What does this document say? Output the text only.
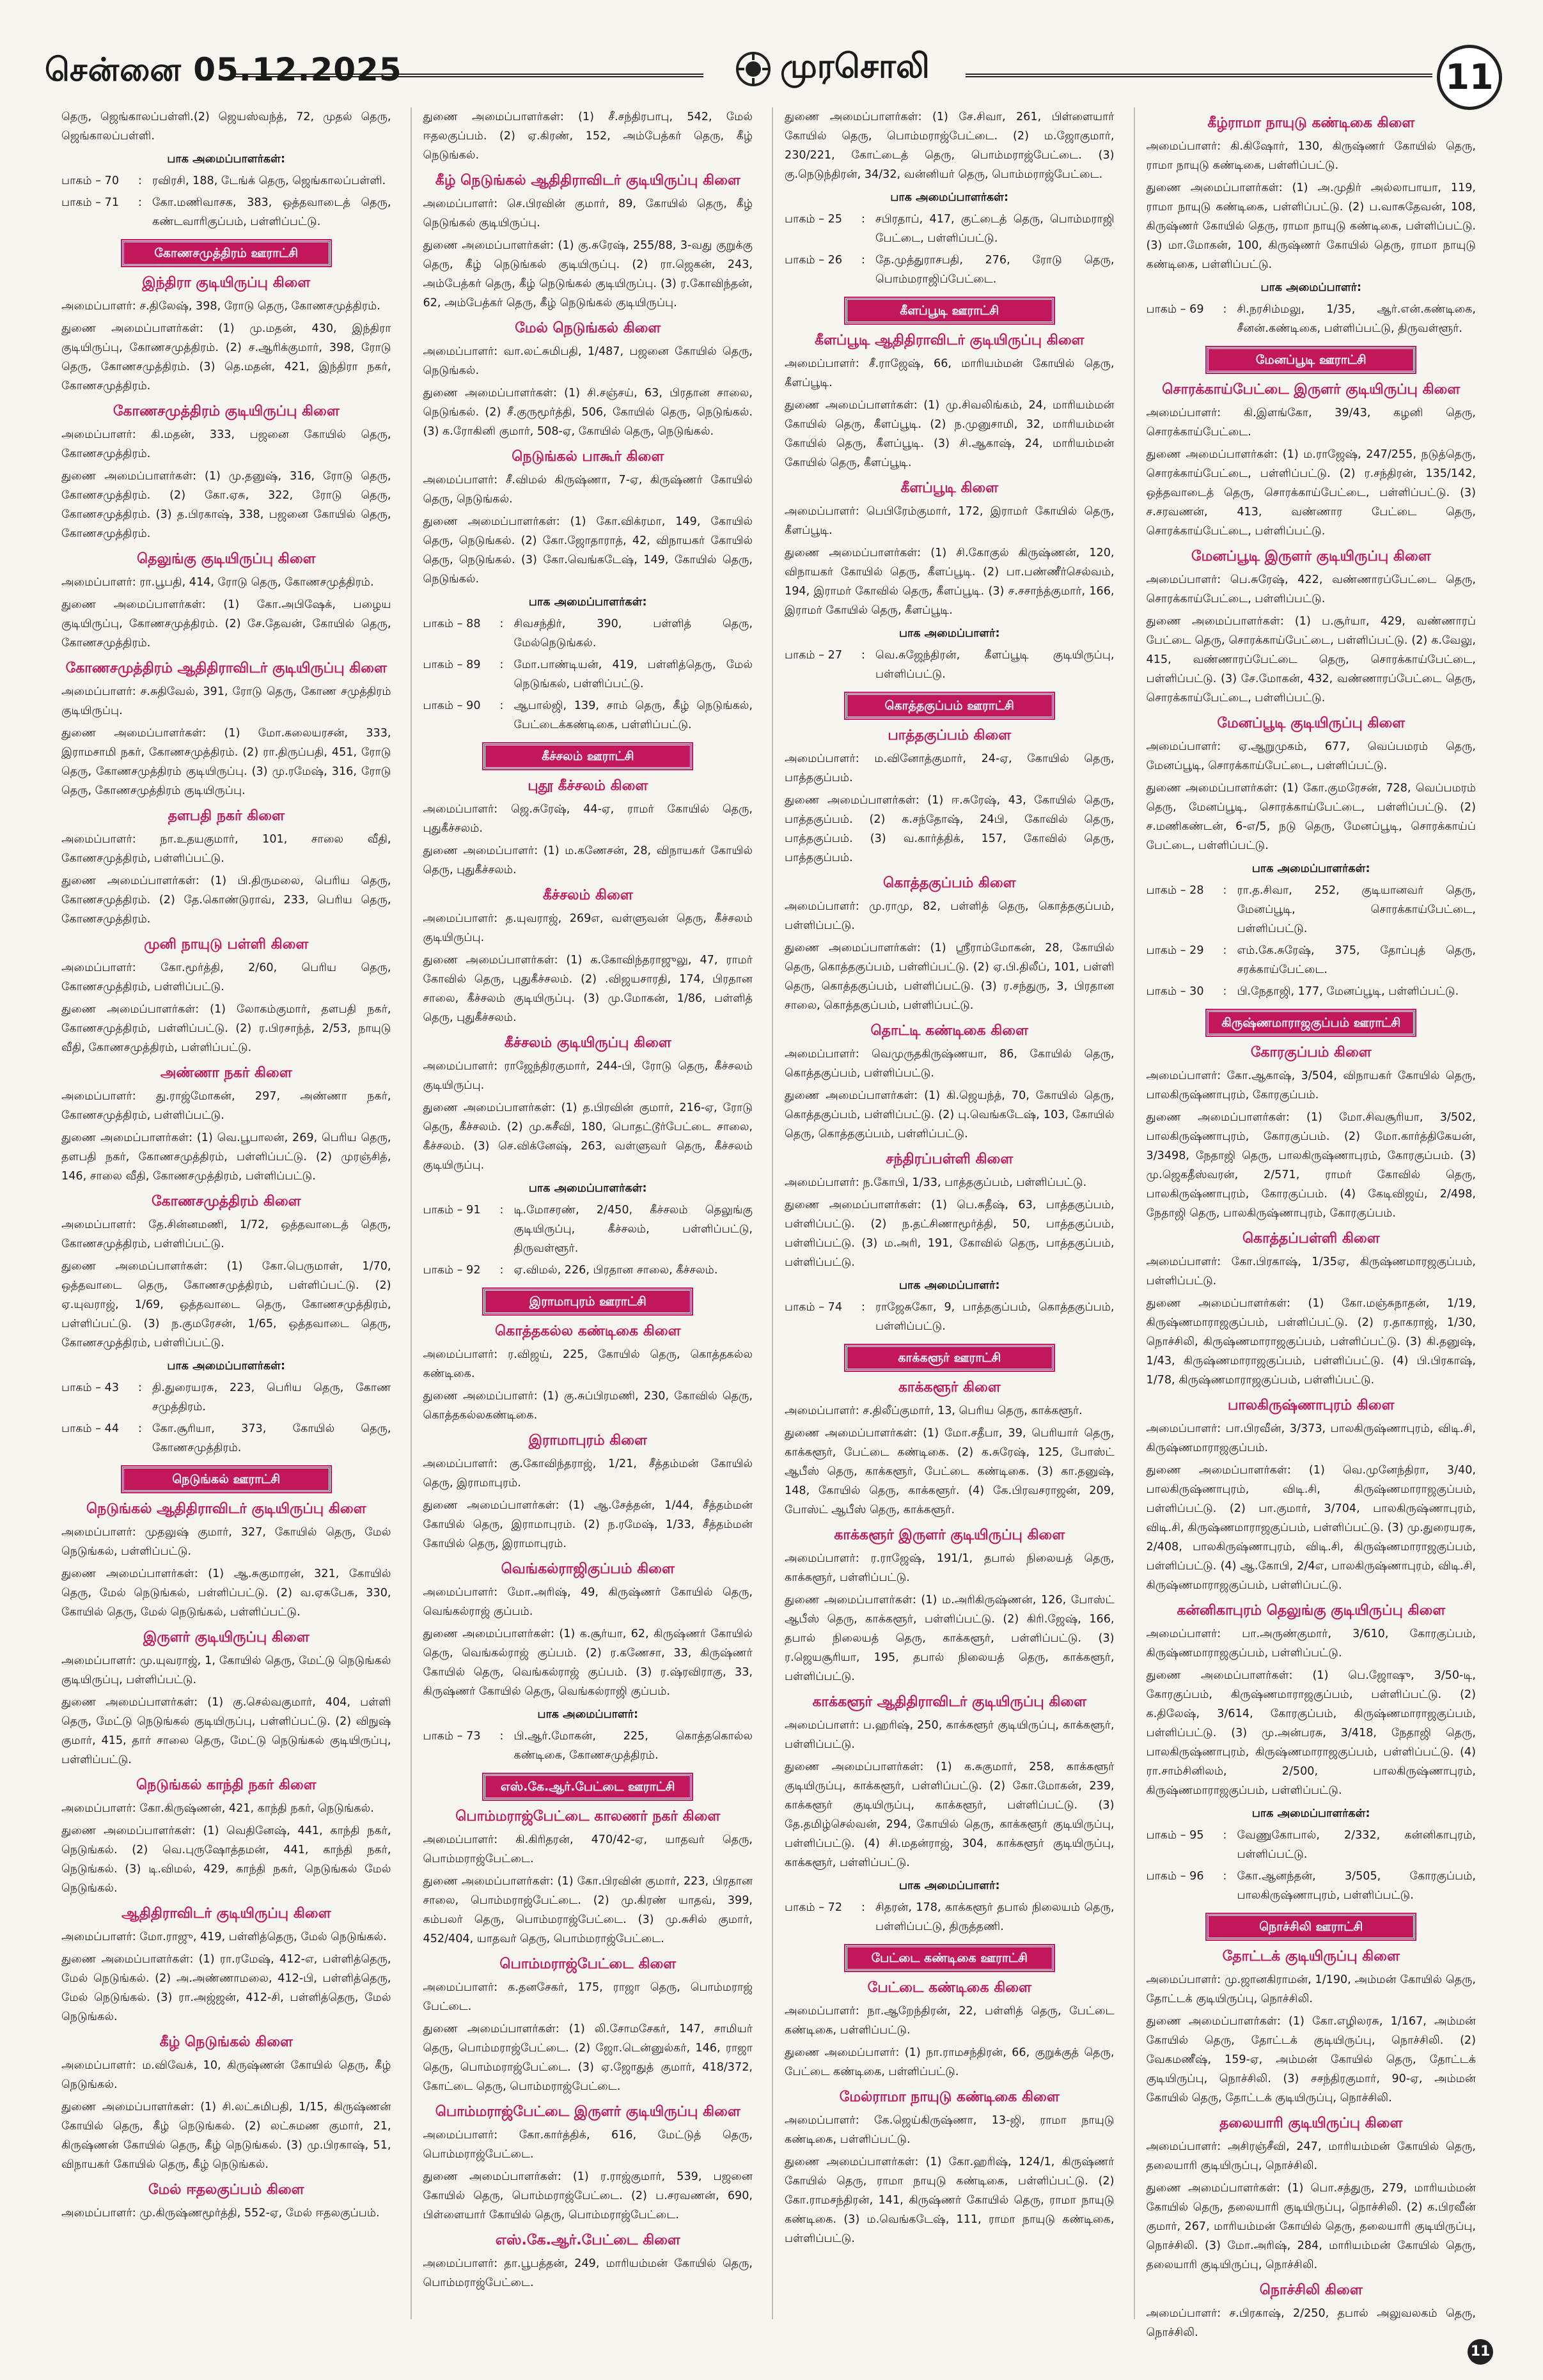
சென்னை 05.12.2025	முரசொலி	11

தெரு, ஜெங்காலப்பள்ளி.(2) ஜெயஸ்வந்த், 72, முதல் தெரு, ஜெங்காலப்பள்ளி.

பாக அமைப்பாளர்கள்:
பாகம் – 70	: ரவிரசி, 188, டேங்க் தெரு, ஜெங்காலப்பள்ளி.
பாகம் – 71	: கோ.மணிவாசக, 383, ஒத்தவாடைத் தெரு, கண்டவாரிகுப்பம், பள்ளிப்பட்டு.
கோணசமுத்திரம் ஊராட்சி
இந்திரா குடியிருப்பு கிளை

அமைப்பாளர்: ச.திலேஷ், 398, ரோடு தெரு, கோணசமுத்திரம்.

துணை அமைப்பாளர்கள்: (1) மு.மதன், 430, இந்திரா குடியிருப்பு, கோணசமுத்திரம். (2) ச.ஆரிக்குமார், 398, ரோடு தெரு, கோணசமுத்திரம். (3) தெ.மதன், 421, இந்திரா நகர், கோணசமுத்திரம்.

கோணசமுத்திரம் குடியிருப்பு கிளை

அமைப்பாளர்: கி.மதன், 333, பஜனை கோயில் தெரு, கோணசமுத்திரம்.

துணை அமைப்பாளர்கள்: (1) மு.தனுஷ், 316, ரோடு தெரு, கோணசமுத்திரம். (2) கோ.ஏசு, 322, ரோடு தெரு, கோணசமுத்திரம். (3) த.பிரகாஷ், 338, பஜனை கோயில் தெரு, கோணசமுத்திரம்.

தெலுங்கு குடியிருப்பு கிளை

அமைப்பாளர்: ரா.பூபதி, 414, ரோடு தெரு, கோணசமுத்திரம்.

துணை அமைப்பாளர்கள்: (1) கோ.அபிஷேக், பழைய குடியிருப்பு, கோணசமுத்திரம். (2) சே.தேவன், கோயில் தெரு, கோணசமுத்திரம்.

கோணசமுத்திரம் ஆதிதிராவிடர் குடியிருப்பு கிளை

அமைப்பாளர்: ச.சுதிவேல், 391, ரோடு தெரு, கோண சமுத்திரம் குடியிருப்பு.

துணை அமைப்பாளர்கள்: (1) மோ.கலையரசன், 333, இராமசாமி நகர், கோணசமுத்திரம். (2) ரா.திருப்பதி, 451, ரோடு தெரு, கோணசமுத்திரம் குடியிருப்பு. (3) மு.ரமேஷ், 316, ரோடு தெரு, கோணசமுத்திரம் குடியிருப்பு.

தளபதி நகர் கிளை

அமைப்பாளர்: நா.உதயகுமார், 101, சாலை வீதி, கோணசமுத்திரம், பள்ளிப்பட்டு.

துணை அமைப்பாளர்கள்: (1) பி.திருமலை, பெரிய தெரு, கோணசமுத்திரம். (2) தே.கொண்டுராவ், 233, பெரிய தெரு, கோணசமுத்திரம்.

முனி நாயுடு பள்ளி கிளை

அமைப்பாளர்: கோ.மூர்த்தி, 2/60, பெரிய தெரு, கோணசமுத்திரம், பள்ளிப்பட்டு.

துணை அமைப்பாளர்கள்: (1) லோகம்குமார், தளபதி நகர், கோணசமுத்திரம், பள்ளிப்பட்டு. (2) ர.பிரசாந்த், 2/53, நாயுடு வீதி, கோணசமுத்திரம், பள்ளிப்பட்டு.

அண்ணா நகர் கிளை

அமைப்பாளர்: து.ராஜ்மோகன், 297, அண்ணா நகர், கோணசமுத்திரம், பள்ளிப்பட்டு.

துணை அமைப்பாளர்கள்: (1) வெ.பூபாலன், 269, பெரிய தெரு, தளபதி நகர், கோணசமுத்திரம், பள்ளிப்பட்டு. (2) முரஞ்சித், 146, சாலை வீதி, கோணசமுத்திரம், பள்ளிப்பட்டு.

கோணசமுத்திரம் கிளை

அமைப்பாளர்: தே.சின்னமணி, 1/72, ஒத்தவாடைத் தெரு, கோணசமுத்திரம், பள்ளிப்பட்டு.

துணை அமைப்பாளர்கள்: (1) கோ.பெருமாள், 1/70, ஒத்தவாடை தெரு, கோணசமுத்திரம், பள்ளிப்பட்டு. (2) ஏ.யுவராஜ், 1/69, ஒத்தவாடை தெரு, கோணசமுத்திரம், பள்ளிப்பட்டு. (3) ந.குமரேசன், 1/65, ஒத்தவாடை தெரு, கோணசமுத்திரம், பள்ளிப்பட்டு.

பாக அமைப்பாளர்கள்:
பாகம் – 43	: தி.துரையரசு, 223, பெரிய தெரு, கோண சமுத்திரம்.
பாகம் – 44	: கோ.சூரியா, 373, கோயில் தெரு, கோணசமுத்திரம்.
நெடுங்கல் ஊராட்சி
நெடுங்கல் ஆதிதிராவிடர் குடியிருப்பு கிளை

அமைப்பாளர்: முதலுஷ் குமார், 327, கோயில் தெரு, மேல் நெடுங்கல், பள்ளிப்பட்டு.

துணை அமைப்பாளர்கள்: (1) ஆ.சுகுமாரன், 321, கோயில் தெரு, மேல் நெடுங்கல், பள்ளிப்பட்டு. (2) வ.ஏசுபேசு, 330, கோயில் தெரு, மேல் நெடுங்கல், பள்ளிப்பட்டு.

இருளர் குடியிருப்பு கிளை

அமைப்பாளர்: மு.யுவராஜ், 1, கோயில் தெரு, மேட்டு நெடுங்கல் குடியிருப்பு, பள்ளிப்பட்டு.

துணை அமைப்பாளர்கள்: (1) கு.செல்வகுமார், 404, பள்ளி தெரு, மேட்டு நெடுங்கல் குடியிருப்பு, பள்ளிப்பட்டு. (2) விநுஷ் குமார், 415, தார் சாலை தெரு, மேட்டு நெடுங்கல் குடியிருப்பு, பள்ளிப்பட்டு.

நெடுங்கல் காந்தி நகர் கிளை

அமைப்பாளர்: கோ.கிருஷ்ணன், 421, காந்தி நகர், நெடுங்கல்.

துணை அமைப்பாளர்கள்: (1) வெதினேஷ், 441, காந்தி நகர், நெடுங்கல். (2) வெ.புருஷோத்தமன், 441, காந்தி நகர், நெடுங்கல். (3) டி.விமல், 429, காந்தி நகர், நெடுங்கல் மேல் நெடுங்கல்.

ஆதிதிராவிடர் குடியிருப்பு கிளை

அமைப்பாளர்: மோ.ராஜு, 419, பள்ளித்தெரு, மேல் நெடுங்கல்.

துணை அமைப்பாளர்கள்: (1) ரா.ரமேஷ், 412-எ, பள்ளித்தெரு, மேல் நெடுங்கல். (2) அ.அண்ணாமலை, 412-பி, பள்ளித்தெரு, மேல் நெடுங்கல். (3) ரா.அஜ்ஜன், 412-சி, பள்ளித்தெரு, மேல் நெடுங்கல்.

கீழ் நெடுங்கல் கிளை

அமைப்பாளர்: ம.விவேக், 10, கிருஷ்ணன் கோயில் தெரு, கீழ் நெடுங்கல்.

துணை அமைப்பாளர்கள்: (1) சி.லட்சுமிபதி, 1/15, கிருஷ்ணன் கோயில் தெரு, கீழ் நெடுங்கல். (2) லட்சுமண குமார், 21, கிருஷ்ணன் கோயில் தெரு, கீழ் நெடுங்கல். (3) மு.பிரகாஷ், 51, விநாயகர் கோயில் தெரு, கீழ் நெடுங்கல்.

மேல் ஈதலகுப்பம் கிளை

அமைப்பாளர்: மு.கிருஷ்ணமூர்த்தி, 552-ஏ, மேல் ஈதலகுப்பம்.

துணை அமைப்பாளர்கள்: (1) சீ.சந்திரபாபு, 542, மேல் ஈதலகுப்பம். (2) ஏ.கிரண், 152, அம்பேத்கர் தெரு, கீழ் நெடுங்கல்.

கீழ் நெடுங்கல் ஆதிதிராவிடர் குடியிருப்பு கிளை

அமைப்பாளர்: செ.பிரவின் குமார், 89, கோயில் தெரு, கீழ் நெடுங்கல் குடியிருப்பு.

துணை அமைப்பாளர்கள்: (1) கு.சுரேஷ், 255/88, 3-வது குறுக்கு தெரு, கீழ் நெடுங்கல் குடியிருப்பு. (2) ரா.ஜெகன், 243, அம்பேத்கர் தெரு, கீழ் நெடுங்கல் குடியிருப்பு. (3) ர.கோவிந்தன், 62, அம்பேத்கர் தெரு, கீழ் நெடுங்கல் குடியிருப்பு.

மேல் நெடுங்கல் கிளை

அமைப்பாளர்: வா.லட்சுமிபதி, 1/487, பஜனை கோயில் தெரு, நெடுங்கல்.

துணை அமைப்பாளர்கள்: (1) சி.சஞ்சய், 63, பிரதான சாலை, நெடுங்கல். (2) சீ.குருமூர்த்தி, 506, கோயில் தெரு, நெடுங்கல். (3) க.ரோகினி குமார், 508-ஏ, கோயில் தெரு, நெடுங்கல்.

நெடுங்கல் பாகூர் கிளை

அமைப்பாளர்: சீ.விமல் கிருஷ்ணா, 7-ஏ, கிருஷ்ணர் கோயில் தெரு, நெடுங்கல்.

துணை அமைப்பாளர்கள்: (1) கோ.விக்ரமா, 149, கோயில் தெரு, நெடுங்கல். (2) கோ.ஜோதாராத், 42, விநாயகர் கோயில் தெரு, நெடுங்கல். (3) கோ.வெங்கடேஷ், 149, கோயில் தெரு, நெடுங்கல்.

பாக அமைப்பாளர்கள்:
பாகம் – 88	: சிவசந்திர், 390, பள்ளித் தெரு, மேல்நெடுங்கல்.
பாகம் – 89	: மோ.பாண்டியன், 419, பள்ளித்தெரு, மேல் நெடுங்கல், பள்ளிப்பட்டு.
பாகம் – 90	: ஆபால்ஜி, 139, சாம் தெரு, கீழ் நெடுங்கல், பேட்டைக்கண்டிகை, பள்ளிப்பட்டு.
கீச்சலம் ஊராட்சி
புதூ கீச்சலம் கிளை

அமைப்பாளர்: ஜெ.சுரேஷ், 44-ஏ, ராமர் கோயில் தெரு, புதுகீச்சலம்.

துணை அமைப்பாளர்: (1) ம.கணேசன், 28, விநாயகர் கோயில் தெரு, புதுகீச்சலம்.

கீச்சலம் கிளை

அமைப்பாளர்: த.யுவராஜ், 269எ, வள்ளுவன் தெரு, கீச்சலம் குடியிருப்பு.

துணை அமைப்பாளர்கள்: (1) க.கோவிந்தராஜுலு, 47, ராமர் கோவில் தெரு, புதுகீச்சலம். (2) .விஜயசாரதி, 174, பிரதான சாலை, கீச்சலம் குடியிருப்பு. (3) மு.மோகன், 1/86, பள்ளித் தெரு, புதுகீச்சலம்.

கீச்சலம் குடியிருப்பு கிளை

அமைப்பாளர்: ராஜேந்திரகுமார், 244-பி, ரோடு தெரு, கீச்சலம் குடியிருப்பு.

துணை அமைப்பாளர்கள்: (1) த.பிரவின் குமார், 216-ஏ, ரோடு தெரு, கீச்சலம். (2) மு.சுசீவி, 180, பொதட்டூர்பேட்டை சாலை, கீச்சலம். (3) செ.விக்னேஷ், 263, வள்ளுவர் தெரு, கீச்சலம் குடியிருப்பு.

பாக அமைப்பாளர்கள்:
பாகம் – 91	: டி.மோசரண், 2/450, கீச்சலம் தெலுங்கு குடியிருப்பு, கீச்சலம், பள்ளிப்பட்டு, திருவள்ளூர்.
பாகம் – 92	: ஏ.விமல், 226, பிரதான சாலை, கீச்சலம்.
இராமாபுரம் ஊராட்சி
கொத்தகல்ல கண்டிகை கிளை

அமைப்பாளர்: ர.விஜய், 225, கோயில் தெரு, கொத்தகல்ல கண்டிகை.

துணை அமைப்பாளர்: (1) கு.சுப்பிரமணி, 230, கோவில் தெரு, கொத்தகல்லகண்டிகை.

இராமாபுரம் கிளை

அமைப்பாளர்: கு.கோவிந்தராஜ், 1/21, சீத்தம்மன் கோயில் தெரு, இராமாபுரம்.

துணை அமைப்பாளர்கள்: (1) ஆ.சேத்தன், 1/44, சீத்தம்மன் கோயில் தெரு, இராமாபுரம். (2) ந.ரமேஷ், 1/33, சீத்தம்மன் கோயில் தெரு, இராமாபுரம்.

வெங்கல்ராஜிகுப்பம் கிளை

அமைப்பாளர்: மோ.அரிஷ், 49, கிருஷ்ணர் கோயில் தெரு, வெங்கல்ராஜ் குப்பம்.

துணை அமைப்பாளர்கள்: (1) க.சூர்யா, 62, கிருஷ்ணர் கோயில் தெரு, வெங்கல்ராஜ் குப்பம். (2) ர.கணேசா, 33, கிருஷ்ணர் கோயில் தெரு, வெங்கல்ராஜ் குப்பம். (3) ர.ஷ்ரவிராகு, 33, கிருஷ்ணர் கோயில் தெரு, வெங்கல்ராஜி குப்பம்.

பாக அமைப்பாளர்:
பாகம் – 73	: பி.ஆர்.மோகன், 225, கொத்தகொல்ல கண்டிகை, கோணசமுத்திரம்.
எஸ்.கே.ஆர்.பேட்டை ஊராட்சி
பொம்மராஜ்பேட்டை காலணர் நகர் கிளை

அமைப்பாளர்: கி.கிரிதரன், 470/42-ஏ, யாதவர் தெரு, பொம்மராஜ்பேட்டை.

துணை அமைப்பாளர்கள்: (1) கோ.பிரவின் குமார், 223, பிரதான சாலை, பொம்மராஜ்பேட்டை. (2) மு.கிரண் யாதவ், 399, கம்பலர் தெரு, பொம்மராஜ்பேட்டை. (3) மு.சுசில் குமார், 452/404, யாதவர் தெரு, பொம்மராஜ்பேட்டை.

பொம்மராஜ்பேட்டை கிளை

அமைப்பாளர்: க.தனசேகர், 175, ராஜா தெரு, பொம்மராஜ் பேட்டை.

துணை அமைப்பாளர்கள்: (1) லி.சோமசேகர், 147, சாமியர் தெரு, பொம்மராஜ்பேட்டை. (2) ஜோ.டென்னுல்கர், 146, ராஜா தெரு, பொம்மராஜ்பேட்டை. (3) ஏ.ஜோதுத் குமார், 418/372, கோட்டை தெரு, பொம்மராஜ்பேட்டை.

பொம்மராஜ்பேட்டை இருளர் குடியிருப்பு கிளை

அமைப்பாளர்: கோ.கார்த்திக், 616, மேட்டுத் தெரு, பொம்மராஜ்பேட்டை.

துணை அமைப்பாளர்கள்: (1) ர.ராஜ்குமார், 539, பஜனை கோயில் தெரு, பொம்மராஜ்பேட்டை. (2) ப.சரவணன், 690, பிள்ளையார் கோயில் தெரு, பொம்மராஜ்பேட்டை.

எஸ்.கே.ஆர்.பேட்டை கிளை

அமைப்பாளர்: தா.பூபத்தன், 249, மாரியம்மன் கோயில் தெரு, பொம்மராஜ்பேட்டை.

துணை அமைப்பாளர்கள்: (1) சே.சிவா, 261, பிள்ளையார் கோயில் தெரு, பொம்மராஜ்பேட்டை. (2) ம.ஜோகுமார், 230/221, கோட்டைத் தெரு, பொம்மராஜ்பேட்டை. (3) கு.நெடுந்திரன், 34/32, வன்னியர் தெரு, பொம்மராஜ்பேட்டை.

பாக அமைப்பாளர்கள்:
பாகம் – 25	: சபிரதாப், 417, குட்டைத் தெரு, பொம்மராஜி பேட்டை, பள்ளிப்பட்டு.
பாகம் – 26	: தே.முத்துராசபதி, 276, ரோடு தெரு, பொம்மராஜிப்பேட்டை.
கீளப்பூடி ஊராட்சி
கீளப்பூடி ஆதிதிராவிடர் குடியிருப்பு கிளை

அமைப்பாளர்: சீ.ராஜேஷ், 66, மாரியம்மன் கோயில் தெரு, கீளப்பூடி.

துணை அமைப்பாளர்கள்: (1) மு.சிவலிங்கம், 24, மாரியம்மன் கோயில் தெரு, கீளப்பூடி. (2) ந.முனுசாமி, 32, மாரியம்மன் கோயில் தெரு, கீளப்பூடி. (3) சி.ஆகாஷ், 24, மாரியம்மன் கோயில் தெரு, கீளப்பூடி.

கீளப்பூடி கிளை

அமைப்பாளர்: பெபிரேம்குமார், 172, இராமர் கோயில் தெரு, கீளப்பூடி.

துணை அமைப்பாளர்கள்: (1) சி.கோகுல் கிருஷ்ணன், 120, விநாயகர் கோயில் தெரு, கீளப்பூடி. (2) பா.பண்ணீர்செல்வம், 194, இராமர் கோவில் தெரு, கீளப்பூடி. (3) ச.சசாந்த்குமார், 166, இராமர் கோயில் தெரு, கீளப்பூடி.

பாக அமைப்பாளர்:
பாகம் – 27	: வெ.சுஜேந்திரன், கீளப்பூடி குடியிருப்பு, பள்ளிப்பட்டு.
கொத்தகுப்பம் ஊராட்சி
பாத்தகுப்பம் கிளை

அமைப்பாளர்: ம.வினோத்குமார், 24-ஏ, கோயில் தெரு, பாத்தகுப்பம்.

துணை அமைப்பாளர்கள்: (1) ஈ.சுரேஷ், 43, கோயில் தெரு, பாத்தகுப்பம். (2) க.சந்தோஷ், 24பி, கோவில் தெரு, பாத்தகுப்பம். (3) வ.கார்த்திக், 157, கோவில் தெரு, பாத்தகுப்பம்.

கொத்தகுப்பம் கிளை

அமைப்பாளர்: மு.ராமு, 82, பள்ளித் தெரு, கொத்தகுப்பம், பள்ளிப்பட்டு.

துணை அமைப்பாளர்கள்: (1) ஸ்ரீராம்மோகன், 28, கோயில் தெரு, கொத்தகுப்பம், பள்ளிப்பட்டு. (2) ஏ.பி.திலீப், 101, பள்ளி தெரு, கொத்தகுப்பம், பள்ளிப்பட்டு. (3) ர.சந்துரு, 3, பிரதான சாலை, கொத்தகுப்பம், பள்ளிப்பட்டு.

தொட்டி கண்டிகை கிளை

அமைப்பாளர்: வெமுருதகிருஷ்ணயா, 86, கோயில் தெரு, கொத்தகுப்பம், பள்ளிப்பட்டு.

துணை அமைப்பாளர்கள்: (1) கி.ஜெயந்த், 70, கோயில் தெரு, கொத்தகுப்பம், பள்ளிப்பட்டு. (2) பு.வெங்கடேஷ், 103, கோயில் தெரு, கொத்தகுப்பம், பள்ளிப்பட்டு.

சந்திரப்பள்ளி கிளை

அமைப்பாளர்: ந.கோபி, 1/33, பாத்தகுப்பம், பள்ளிப்பட்டு.

துணை அமைப்பாளர்கள்: (1) பெ.சுதீஷ், 63, பாத்தகுப்பம், பள்ளிப்பட்டு. (2) ந.தட்சிணாமூர்த்தி, 50, பாத்தகுப்பம், பள்ளிப்பட்டு. (3) ம.அரி, 191, கோவில் தெரு, பாத்தகுப்பம், பள்ளிப்பட்டு.

பாக அமைப்பாளர்:
பாகம் – 74	: ராஜேசுகோ, 9, பாத்தகுப்பம், கொத்தகுப்பம், பள்ளிப்பட்டு.
காக்களூர் ஊராட்சி
காக்களூர் கிளை

அமைப்பாளர்: ச.திலீப்குமார், 13, பெரிய தெரு, காக்களூர்.

துணை அமைப்பாளர்கள்: (1) மோ.சதீபா, 39, பெரியார் தெரு, காக்களூர், பேட்டை கண்டிகை. (2) க.சுரேஷ், 125, போஸ்ட் ஆபீஸ் தெரு, காக்களூர், பேட்டை கண்டிகை. (3) கா.தனுஷ், 148, கோயில் தெரு, காக்களூர். (4) கே.பிரவசராஜன், 209, போஸ்ட் ஆபீஸ் தெரு, காக்களூர்.

காக்களூர் இருளர் குடியிருப்பு கிளை

அமைப்பாளர்: ர.ராஜேஷ், 191/1, தபால் நிலையத் தெரு, காக்களூர், பள்ளிப்பட்டு.

துணை அமைப்பாளர்கள்: (1) ம.அரிகிருஷ்ணன், 126, போஸ்ட் ஆபீஸ் தெரு, காக்களூர், பள்ளிப்பட்டு. (2) கிரி.ஜேஷ், 166, தபால் நிலையத் தெரு, காக்களூர், பள்ளிப்பட்டு. (3) ர.ஜெயசூரியா, 195, தபால் நிலையத் தெரு, காக்களூர், பள்ளிப்பட்டு.

காக்களூர் ஆதிதிராவிடர் குடியிருப்பு கிளை

அமைப்பாளர்: ப.ஹரிஷ், 250, காக்களூர் குடியிருப்பு, காக்களூர், பள்ளிப்பட்டு.

துணை அமைப்பாளர்கள்: (1) க.சுகுமார், 258, காக்களூர் குடியிருப்பு, காக்களூர், பள்ளிப்பட்டு. (2) கோ.மோகன், 239, காக்களூர் குடியிருப்பு, காக்களூர், பள்ளிப்பட்டு. (3) தே.தமிழ்செல்வன், 294, கோயில் தெரு, காக்களூர் குடியிருப்பு, பள்ளிப்பட்டு. (4) சி.மதன்ராஜ், 304, காக்களூர் குடியிருப்பு, காக்களூர், பள்ளிப்பட்டு.

பாக அமைப்பாளர்:
பாகம் – 72	: சிதரன், 178, காக்களூர் தபால் நிலையம் தெரு, பள்ளிப்பட்டு, திருத்தணி.
பேட்டை கண்டிகை ஊராட்சி
பேட்டை கண்டிகை கிளை

அமைப்பாளர்: நா.ஆறேந்திரன், 22, பள்ளித் தெரு, பேட்டை கண்டிகை, பள்ளிப்பட்டு.

துணை அமைப்பாளர்: (1) நா.ராமசந்திரன், 66, குறுக்குத் தெரு, பேட்டை கண்டிகை, பள்ளிப்பட்டு.

மேல்ராமா நாயுடு கண்டிகை கிளை

அமைப்பாளர்: கே.ஜெய்கிருஷ்ணா, 13-ஜி, ராமா நாயுடு கண்டிகை, பள்ளிப்பட்டு.

துணை அமைப்பாளர்கள்: (1) கோ.ஹரிஷ், 124/1, கிருஷ்ணர் கோயில் தெரு, ராமா நாயுடு கண்டிகை, பள்ளிப்பட்டு. (2) கோ.ராமசந்திரன், 141, கிருஷ்ணர் கோயில் தெரு, ராமா நாயுடு கண்டிகை. (3) ம.வெங்கடேஷ், 111, ராமா நாயுடு கண்டிகை, பள்ளிப்பட்டு.

கீழ்ராமா நாயுடு கண்டிகை கிளை

அமைப்பாளர்: கி.கிஷோர், 130, கிருஷ்ணர் கோயில் தெரு, ராமா நாயுடு கண்டிகை, பள்ளிப்பட்டு.

துணை அமைப்பாளர்கள்: (1) அ.முதிர் அல்லாபாயா, 119, ராமா நாயுடு கண்டிகை, பள்ளிப்பட்டு. (2) ப.வாசுதேவன், 108, கிருஷ்ணர் கோயில் தெரு, ராமா நாயுடு கண்டிகை, பள்ளிப்பட்டு. (3) மா.மோகன், 100, கிருஷ்ணர் கோயில் தெரு, ராமா நாயுடு கண்டிகை, பள்ளிப்பட்டு.

பாக அமைப்பாளர்:
பாகம் – 69	: சி.நரசிம்மலு, 1/35, ஆர்.என்.கண்டிகை, சீனன்.கண்டிகை, பள்ளிப்பட்டு, திருவள்ளூர்.
மேனப்பூடி ஊராட்சி
சொரக்காய்பேட்டை இருளர் குடியிருப்பு கிளை

அமைப்பாளர்: கி.இளங்கோ, 39/43, கழனி தெரு, சொரக்காய்பேட்டை.

துணை அமைப்பாளர்கள்: (1) ம.ராஜேஷ், 247/255, நடுத்தெரு, சொரக்காய்பேட்டை, பள்ளிப்பட்டு. (2) ர.சந்திரன், 135/142, ஒத்தவாடைத் தெரு, சொரக்காய்பேட்டை, பள்ளிப்பட்டு. (3) ச.சரவணன், 413, வண்ணார பேட்டை தெரு, சொரக்காய்பேட்டை, பள்ளிப்பட்டு.

மேனப்பூடி இருளர் குடியிருப்பு கிளை

அமைப்பாளர்: பெ.சுரேஷ், 422, வண்ணாரப்பேட்டை தெரு, சொரக்காய்பேட்டை, பள்ளிப்பட்டு.

துணை அமைப்பாளர்கள்: (1) ப.சூர்யா, 429, வண்ணாரப் பேட்டை தெரு, சொரக்காய்பேட்டை, பள்ளிப்பட்டு. (2) க.வேலு, 415, வண்ணாரப்பேட்டை தெரு, சொரக்காய்பேட்டை, பள்ளிப்பட்டு. (3) சே.மோகன், 432, வண்ணாரப்பேட்டை தெரு, சொரக்காய்பேட்டை, பள்ளிப்பட்டு.

மேனப்பூடி குடியிருப்பு கிளை

அமைப்பாளர்: ஏ.ஆறுமுகம், 677, வெப்பமரம் தெரு, மேனப்பூடி, சொரக்காய்பேட்டை, பள்ளிப்பட்டு.

துணை அமைப்பாளர்கள்: (1) கோ.குமரேசன், 728, வெப்பமரம் தெரு, மேனப்பூடி, சொரக்காய்பேட்டை, பள்ளிப்பட்டு. (2) ச.மணிகண்டன், 6-எ/5, நடு தெரு, மேனப்பூடி, சொரக்காய்ப் பேட்டை, பள்ளிப்பட்டு.

பாக அமைப்பாளர்கள்:
பாகம் – 28	: ரா.த.சிவா, 252, குடியானவர் தெரு, மேனப்பூடி, சொரக்காய்பேட்டை, பள்ளிப்பட்டு.
பாகம் – 29	: எம்.கே.சுரேஷ், 375, தோப்புத் தெரு, சரக்காய்பேட்டை.
பாகம் – 30	: பி.நேதாஜி, 177, மேனப்பூடி, பள்ளிப்பட்டு.
கிருஷ்ணமாராஜகுப்பம் ஊராட்சி
கோரகுப்பம் கிளை

அமைப்பாளர்: கோ.ஆகாஷ், 3/504, விநாயகர் கோயில் தெரு, பாலகிருஷ்ணாபுரம், கோரகுப்பம்.

துணை அமைப்பாளர்கள்: (1) மோ.சிவசூரியா, 3/502, பாலகிருஷ்ணாபுரம், கோரகுப்பம். (2) மோ.கார்த்திகேயன், 3/3498, நேதாஜி தெரு, பாலகிருஷ்ணாபுரம், கோரகுப்பம். (3) மு.ஜெகதீஸ்வரன், 2/571, ராமர் கோவில் தெரு, பாலகிருஷ்ணாபுரம், கோரகுப்பம். (4) கேடிவிஜய், 2/498, நேதாஜி தெரு, பாலகிருஷ்ணாபுரம், கோரகுப்பம்.

கொத்தப்பள்ளி கிளை

அமைப்பாளர்: கோ.பிரகாஷ், 1/35ஏ, கிருஷ்ணமாரஜகுப்பம், பள்ளிப்பட்டு.

துணை அமைப்பாளர்கள்: (1) கோ.மஞ்சுநாதன், 1/19, கிருஷ்ணமாராஜகுப்பம், பள்ளிப்பட்டு. (2) ர.தாகராஜ், 1/30, நொச்சிலி, கிருஷ்ணமாராஜகுப்பம், பள்ளிப்பட்டு. (3) கி.தனுஷ், 1/43, கிருஷ்ணமாராஜகுப்பம், பள்ளிப்பட்டு. (4) பி.பிரகாஷ், 1/78, கிருஷ்ணமாராஜகுப்பம், பள்ளிப்பட்டு.

பாலகிருஷ்ணாபுரம் கிளை

அமைப்பாளர்: பா.பிரவீன், 3/373, பாலகிருஷ்ணாபுரம், விடி.சி, கிருஷ்ணமாராஜகுப்பம்.

துணை அமைப்பாளர்கள்: (1) வெ.முனேந்திரா, 3/40, பாலகிருஷ்ணாபுரம், விடி.சி, கிருஷ்ணமாராஜகுப்பம், பள்ளிப்பட்டு. (2) பா.குமார், 3/704, பாலகிருஷ்ணாபுரம், விடி.சி, கிருஷ்ணமாராஜகுப்பம், பள்ளிப்பட்டு. (3) மு.துரையரசு, 2/408, பாலகிருஷ்ணாபுரம், விடி.சி, கிருஷ்ணமாராஜகுப்பம், பள்ளிப்பட்டு. (4) ஆ.கோபி, 2/4எ, பாலகிருஷ்ணாபுரம், விடி.சி, கிருஷ்ணமாராஜகுப்பம், பள்ளிப்பட்டு.

கன்னிகாபுரம் தெலுங்கு குடியிருப்பு கிளை

அமைப்பாளர்: பா.அருண்குமார், 3/610, கோரகுப்பம், கிருஷ்ணமாராஜகுப்பம், பள்ளிப்பட்டு.

துணை அமைப்பாளர்கள்: (1) பெ.ஜோஷு, 3/50-டி, கோரகுப்பம், கிருஷ்ணமாராஜகுப்பம், பள்ளிப்பட்டு. (2) க.திலேஷ், 3/614, கோரகுப்பம், கிருஷ்ணமாராஜகுப்பம், பள்ளிப்பட்டு. (3) மு.அன்பரசு, 3/418, நேதாஜி தெரு, பாலகிருஷ்ணாபுரம், கிருஷ்ணமாராஜகுப்பம், பள்ளிப்பட்டு. (4) ரா.சாம்சினிலம், 2/500, பாலகிருஷ்ணாபுரம், கிருஷ்ணமாராஜகுப்பம், பள்ளிப்பட்டு.

பாக அமைப்பாளர்கள்:
பாகம் – 95	: வேணுகோபால், 2/332, கன்னிகாபுரம், பள்ளிப்பட்டு.
பாகம் – 96	: கோ.ஆனந்தன், 3/505, கோரகுப்பம், பாலகிருஷ்ணாபுரம், பள்ளிப்பட்டு.
நொச்சிலி ஊராட்சி
தோட்டக் குடியிருப்பு கிளை

அமைப்பாளர்: மு.ஜானகிராமன், 1/190, அம்மன் கோயில் தெரு, தோட்டக் குடியிருப்பு, நொச்சிலி.

துணை அமைப்பாளர்கள்: (1) கோ.எழிலரசு, 1/167, அம்மன் கோயில் தெரு, தோட்டக் குடியிருப்பு, நொச்சிலி. (2) வேகமணீஷ், 159-ஏ, அம்மன் கோயில் தெரு, தோட்டக் குடியிருப்பு, நொச்சிலி. (3) சசந்திரகுமார், 90-ஏ, அம்மன் கோயில் தெரு, தோட்டக் குடியிருப்பு, நொச்சிலி.

தலையாரி குடியிருப்பு கிளை

அமைப்பாளர்: அசிரஞ்சீவி, 247, மாரியம்மன் கோயில் தெரு, தலையாரி குடியிருப்பு, நொச்சிலி.

துணை அமைப்பாளர்கள்: (1) பொ.சத்துரு, 279, மாரியம்மன் கோயில் தெரு, தலையாரி குடியிருப்பு, நொச்சிலி. (2) க.பிரவீன் குமார், 267, மாரியம்மன் கோயில் தெரு, தலையாரி குடியிருப்பு, நொச்சிலி. (3) மோ.அரிஷ், 284, மாரியம்மன் கோயில் தெரு, தலையாரி குடியிருப்பு, நொச்சிலி.

நொச்சிலி கிளை

அமைப்பாளர்: ச.பிரகாஷ், 2/250, தபால் அலுவலகம் தெரு, நொச்சிலி.

11
